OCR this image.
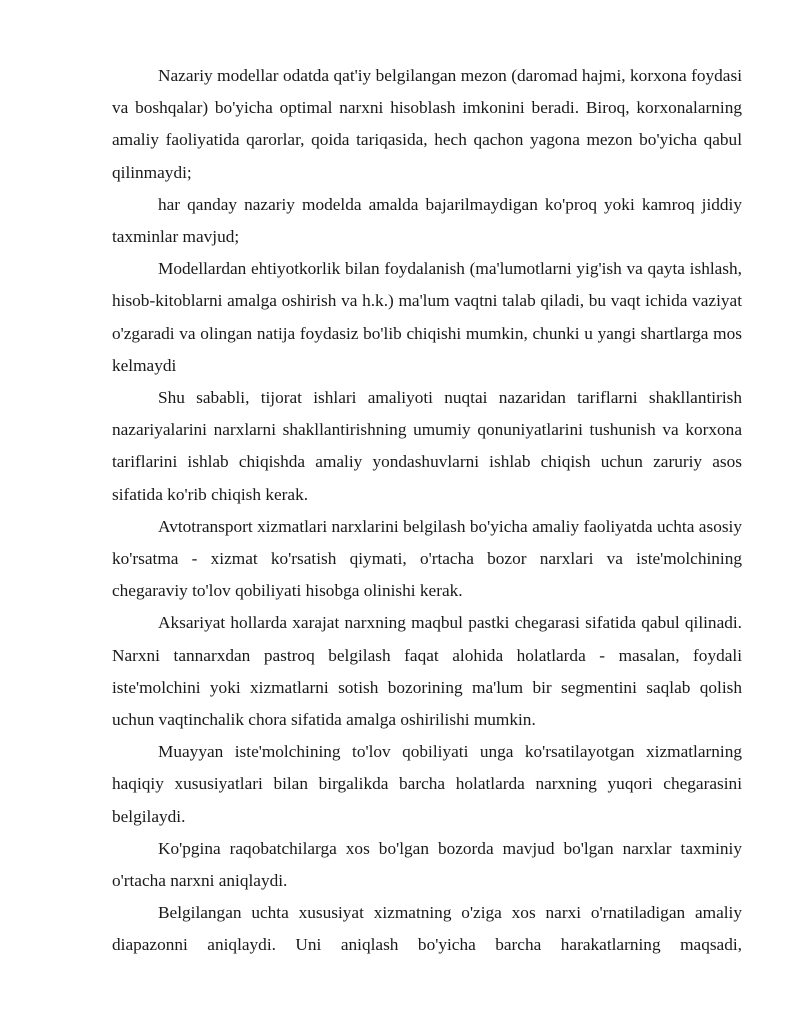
Nazariy modellar odatda qat'iy belgilangan mezon (daromad hajmi, korxona foydasi va boshqalar) bo'yicha optimal narxni hisoblash imkonini beradi. Biroq, korxonalarning amaliy faoliyatida qarorlar, qoida tariqasida, hech qachon yagona mezon bo'yicha qabul qilinmaydi;

har qanday nazariy modelda amalda bajarilmaydigan ko'proq yoki kamroq jiddiy taxminlar mavjud;

Modellardan ehtiyotkorlik bilan foydalanish (ma'lumotlarni yig'ish va qayta ishlash, hisob-kitoblarni amalga oshirish va h.k.) ma'lum vaqtni talab qiladi, bu vaqt ichida vaziyat o'zgaradi va olingan natija foydasiz bo'lib chiqishi mumkin, chunki u yangi shartlarga mos kelmaydi

Shu sababli, tijorat ishlari amaliyoti nuqtai nazaridan tariflarni shakllantirish nazariyalarini narxlarni shakllantirishning umumiy qonuniyatlarini tushunish va korxona tariflarini ishlab chiqishda amaliy yondashuvlarni ishlab chiqish uchun zaruriy asos sifatida ko'rib chiqish kerak.

Avtotransport xizmatlari narxlarini belgilash bo'yicha amaliy faoliyatda uchta asosiy ko'rsatma - xizmat ko'rsatish qiymati, o'rtacha bozor narxlari va iste'molchining chegaraviy to'lov qobiliyati hisobga olinishi kerak.

Aksariyat hollarda xarajat narxning maqbul pastki chegarasi sifatida qabul qilinadi. Narxni tannarxdan pastroq belgilash faqat alohida holatlarda - masalan, foydali iste'molchini yoki xizmatlarni sotish bozorining ma'lum bir segmentini saqlab qolish uchun vaqtinchalik chora sifatida amalga oshirilishi mumkin.

Muayyan iste'molchining to'lov qobiliyati unga ko'rsatilayotgan xizmatlarning haqiqiy xususiyatlari bilan birgalikda barcha holatlarda narxning yuqori chegarasini belgilaydi.

Ko'pgina raqobatchilarga xos bo'lgan bozorda mavjud bo'lgan narxlar taxminiy o'rtacha narxni aniqlaydi.

Belgilangan uchta xususiyat xizmatning o'ziga xos narxi o'rnatiladigan amaliy diapazonni aniqlaydi. Uni aniqlash bo'yicha barcha harakatlarning maqsadi,
